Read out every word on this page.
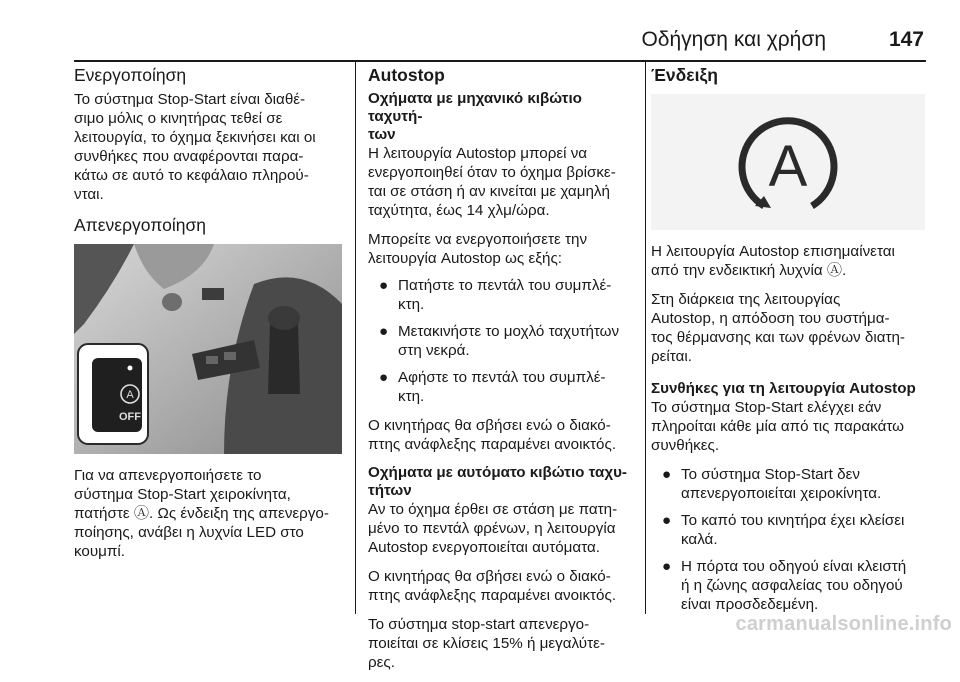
Οδήγηση και χρήση	147
Ενεργοποίηση

Το σύστημα Stop-Start είναι διαθέ-
σιμο μόλις ο κινητήρας τεθεί σε
λειτουργία, το όχημα ξεκινήσει και οι
συνθήκες που αναφέρονται παρα-
κάτω σε αυτό το κεφάλαιο πληρού-
νται.

Απενεργοποίηση
A
OFF

Για να απενεργοποιήσετε το
σύστημα Stop-Start χειροκίνητα,
πατήστε Ⓐ. Ως ένδειξη της απενεργο-
ποίησης, ανάβει η λυχνία LED στο
κουμπί.

Autostop
Οχήματα με μηχανικό κιβώτιο ταχυτή-
των

Η λειτουργία Autostop μπορεί να
ενεργοποιηθεί όταν το όχημα βρίσκε-
ται σε στάση ή αν κινείται με χαμηλή
ταχύτητα, έως 14 χλμ/ώρα.

Μπορείτε να ενεργοποιήσετε την
λειτουργία Autostop ως εξής:

● Πατήστε το πεντάλ του συμπλέ-
κτη.
● Μετακινήστε το μοχλό ταχυτήτων
στη νεκρά.
● Αφήστε το πεντάλ του συμπλέ-
κτη.

Ο κινητήρας θα σβήσει ενώ ο διακό-
πτης ανάφλεξης παραμένει ανοικτός.

Οχήματα με αυτόματο κιβώτιο ταχυ-
τήτων

Αν το όχημα έρθει σε στάση με πατη-
μένο το πεντάλ φρένων, η λειτουργία
Autostop ενεργοποιείται αυτόματα.

Ο κινητήρας θα σβήσει ενώ ο διακό-
πτης ανάφλεξης παραμένει ανοικτός.

Το σύστημα stop-start απενεργο-
ποιείται σε κλίσεις 15% ή μεγαλύτε-
ρες.

Ένδειξη
A

Η λειτουργία Autostop επισημαίνεται
από την ενδεικτική λυχνία Ⓐ.

Στη διάρκεια της λειτουργίας
Autostop, η απόδοση του συστήμα-
τος θέρμανσης και των φρένων διατη-
ρείται.

Συνθήκες για τη λειτουργία Autostop

Το σύστημα Stop-Start ελέγχει εάν
πληροίται κάθε μία από τις παρακάτω
συνθήκες.

● Το σύστημα Stop-Start δεν
απενεργοποιείται χειροκίνητα.
● Το καπό του κινητήρα έχει κλείσει
καλά.
● Η πόρτα του οδηγού είναι κλειστή
ή η ζώνης ασφαλείας του οδηγού
είναι προσδεδεμένη.
carmanualsonline.info
